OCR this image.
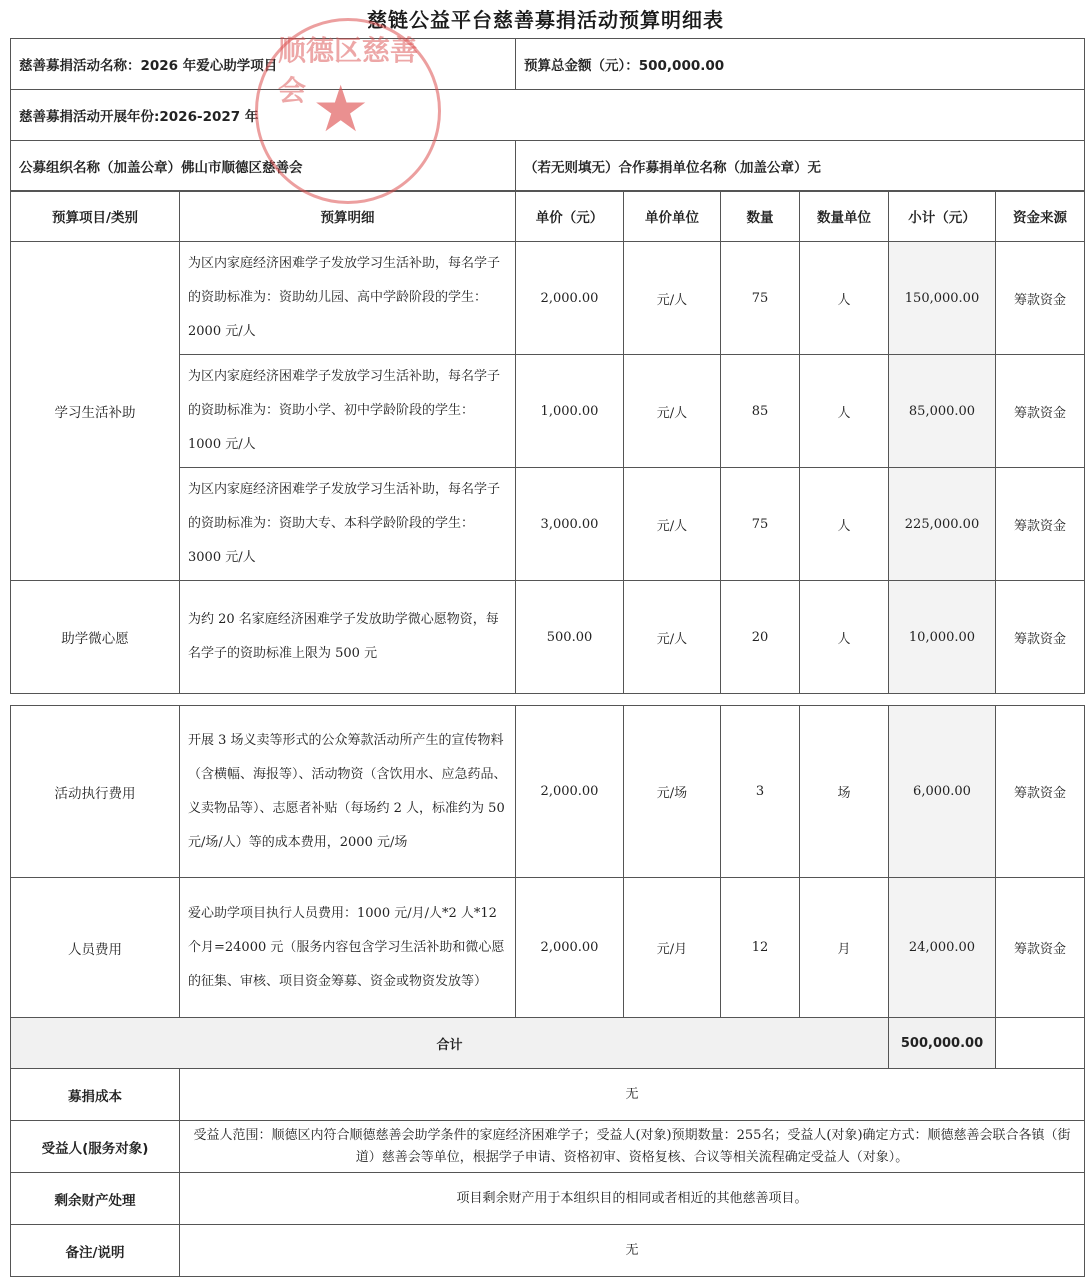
慈链公益平台慈善募捐活动预算明细表
慈善募捐活动名称：2026 年爱心助学项目	预算总金额（元）：500,000.00
慈善募捐活动开展年份:2026-2027 年	
公募组织名称（加盖公章）佛山市顺德区慈善会	（若无则填无）合作募捐单位名称（加盖公章）无
预算项目/类别	预算明细	单价（元）	单价单位	数量	数量单位	小计（元）	资金来源
学习生活补助	为区内家庭经济困难学子发放学习生活补助，每名学子的资助标准为：资助幼儿园、高中学龄阶段的学生：2000 元/人	2,000.00	元/人	75	人	150,000.00	筹款资金
	为区内家庭经济困难学子发放学习生活补助，每名学子的资助标准为：资助小学、初中学龄阶段的学生：1000 元/人	1,000.00	元/人	85	人	85,000.00	筹款资金
	为区内家庭经济困难学子发放学习生活补助，每名学子的资助标准为：资助大专、本科学龄阶段的学生：3000 元/人	3,000.00	元/人	75	人	225,000.00	筹款资金
助学微心愿	为约 20 名家庭经济困难学子发放助学微心愿物资，每名学子的资助标准上限为 500 元	500.00	元/人	20	人	10,000.00	筹款资金
活动执行费用	开展 3 场义卖等形式的公众筹款活动所产生的宣传物料（含横幅、海报等）、活动物资（含饮用水、应急药品、义卖物品等）、志愿者补贴（每场约 2 人，标准约为 50 元/场/人）等的成本费用，2000 元/场	2,000.00	元/场	3	场	6,000.00	筹款资金
人员费用	爱心助学项目执行人员费用：1000 元/月/人*2 人*12 个月=24000 元（服务内容包含学习生活补助和微心愿的征集、审核、项目资金筹募、资金或物资发放等）	2,000.00	元/月	12	月	24,000.00	筹款资金
合计						500,000.00	
募捐成本	无						
受益人(服务对象)	受益人范围：顺德区内符合顺德慈善会助学条件的家庭经济困难学子；受益人(对象)预期数量：255名；受益人(对象)确定方式：顺德慈善会联合各镇（街道）慈善会等单位，根据学子申请、资格初审、资格复核、合议等相关流程确定受益人（对象）。						
剩余财产处理	项目剩余财产用于本组织目的相同或者相近的其他慈善项目。						
备注/说明	无						
顺德区慈善会 ★
